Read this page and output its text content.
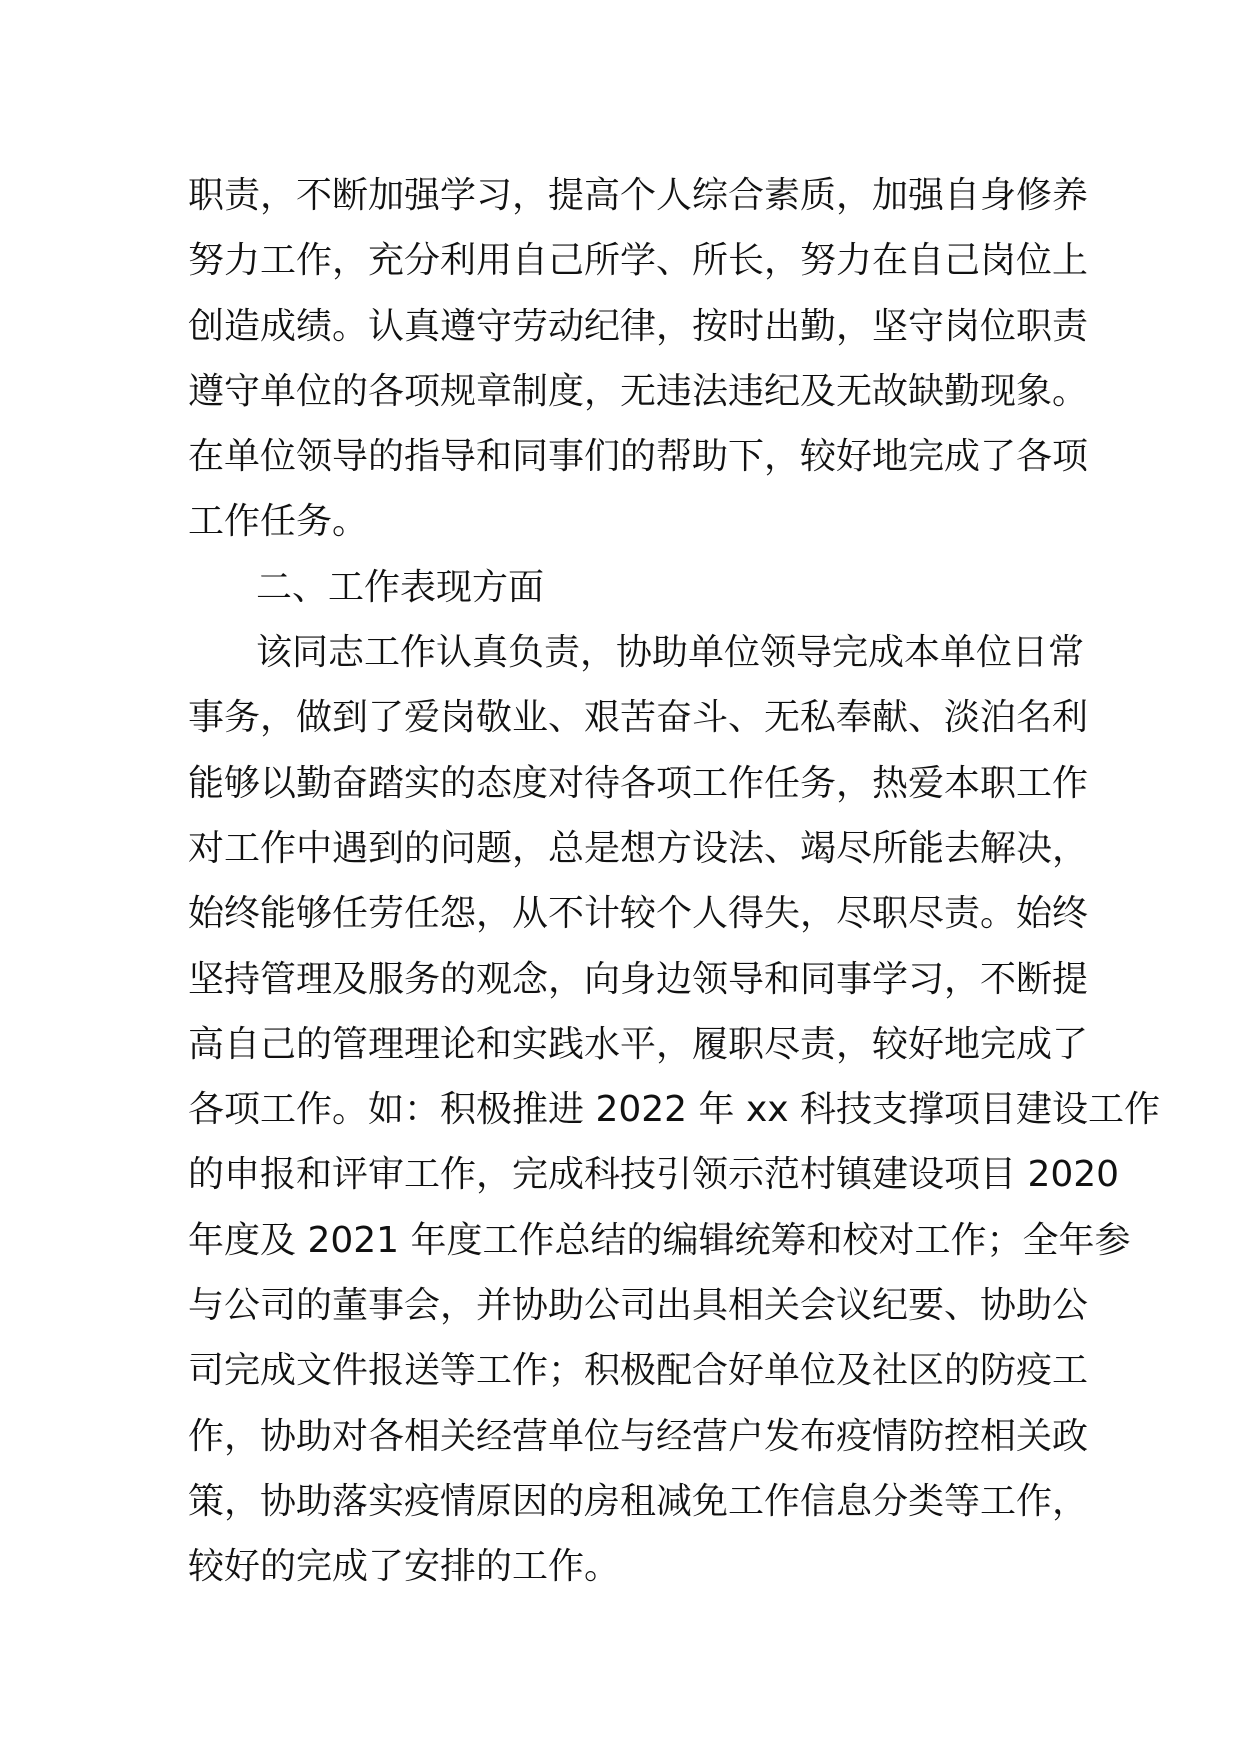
职责，不断加强学习，提高个人综合素质，加强自身修养
努力工作，充分利用自己所学、所长，努力在自己岗位上
创造成绩。认真遵守劳动纪律，按时出勤，坚守岗位职责
遵守单位的各项规章制度，无违法违纪及无故缺勤现象。
在单位领导的指导和同事们的帮助下，较好地完成了各项
工作任务。
二、工作表现方面
该同志工作认真负责，协助单位领导完成本单位日常
事务，做到了爱岗敬业、艰苦奋斗、无私奉献、淡泊名利
能够以勤奋踏实的态度对待各项工作任务，热爱本职工作
对工作中遇到的问题，总是想方设法、竭尽所能去解决，
始终能够任劳任怨，从不计较个人得失，尽职尽责。始终
坚持管理及服务的观念，向身边领导和同事学习，不断提
高自己的管理理论和实践水平，履职尽责，较好地完成了
各项工作。如：积极推进 2022 年 xx 科技支撑项目建设工作
的申报和评审工作，完成科技引领示范村镇建设项目 2020
年度及 2021 年度工作总结的编辑统筹和校对工作；全年参
与公司的董事会，并协助公司出具相关会议纪要、协助公
司完成文件报送等工作；积极配合好单位及社区的防疫工
作，协助对各相关经营单位与经营户发布疫情防控相关政
策，协助落实疫情原因的房租减免工作信息分类等工作，
较好的完成了安排的工作。
